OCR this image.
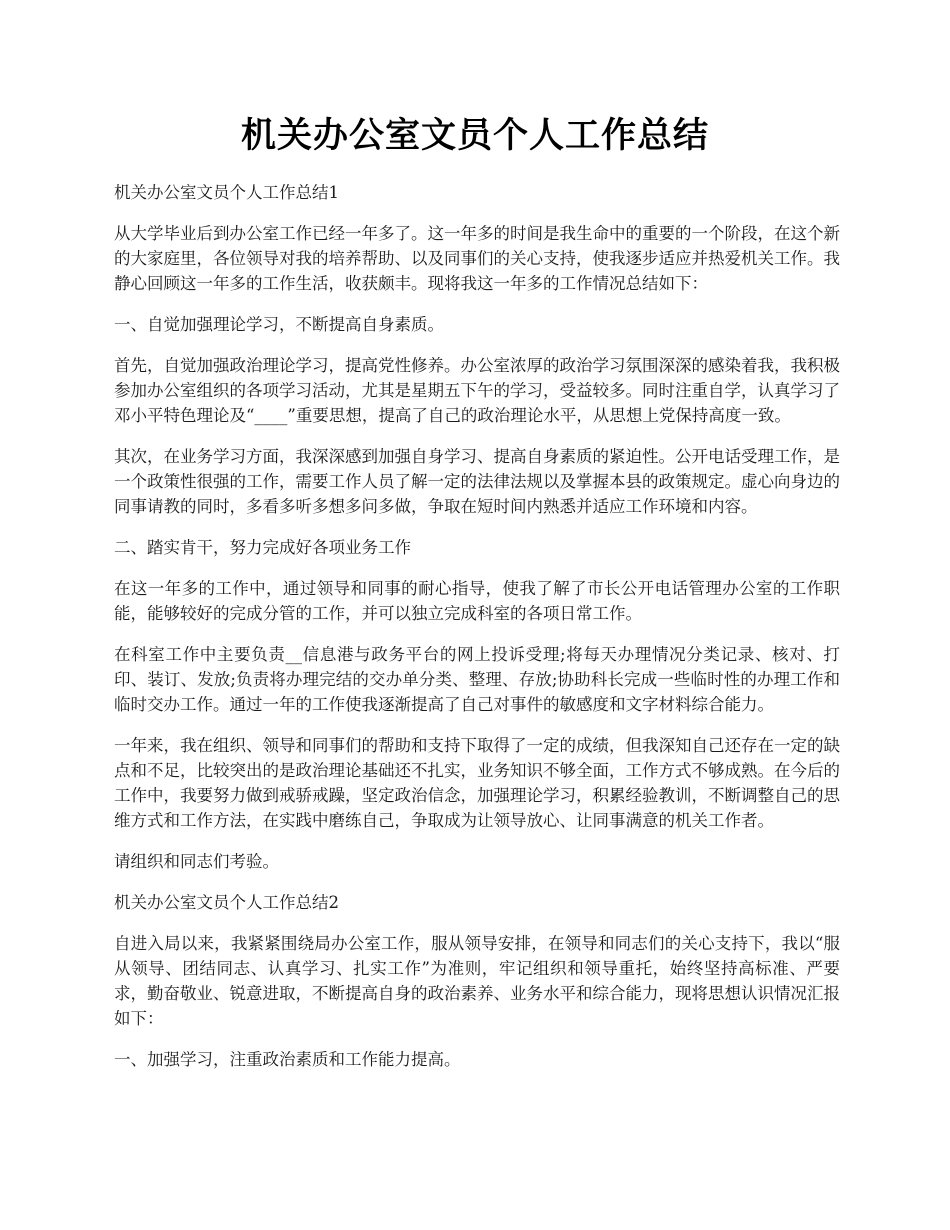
机关办公室文员个人工作总结

机关办公室文员个人工作总结1

从大学毕业后到办公室工作已经一年多了。这一年多的时间是我生命中的重要的一个阶段，在这个新的大家庭里，各位领导对我的培养帮助、以及同事们的关心支持，使我逐步适应并热爱机关工作。我静心回顾这一年多的工作生活，收获颇丰。现将我这一年多的工作情况总结如下：

一、自觉加强理论学习，不断提高自身素质。

首先，自觉加强政治理论学习，提高党性修养。办公室浓厚的政治学习氛围深深的感染着我，我积极参加办公室组织的各项学习活动，尤其是星期五下午的学习，受益较多。同时注重自学，认真学习了邓小平特色理论及“____”重要思想，提高了自己的政治理论水平，从思想上党保持高度一致。

其次，在业务学习方面，我深深感到加强自身学习、提高自身素质的紧迫性。公开电话受理工作，是一个政策性很强的工作，需要工作人员了解一定的法律法规以及掌握本县的政策规定。虚心向身边的同事请教的同时，多看多听多想多问多做，争取在短时间内熟悉并适应工作环境和内容。

二、踏实肯干，努力完成好各项业务工作

在这一年多的工作中，通过领导和同事的耐心指导，使我了解了市长公开电话管理办公室的工作职能，能够较好的完成分管的工作，并可以独立完成科室的各项日常工作。

在科室工作中主要负责__信息港与政务平台的网上投诉受理;将每天办理情况分类记录、核对、打印、装订、发放;负责将办理完结的交办单分类、整理、存放;协助科长完成一些临时性的办理工作和临时交办工作。通过一年的工作使我逐渐提高了自己对事件的敏感度和文字材料综合能力。

一年来，我在组织、领导和同事们的帮助和支持下取得了一定的成绩，但我深知自己还存在一定的缺点和不足，比较突出的是政治理论基础还不扎实，业务知识不够全面，工作方式不够成熟。在今后的工作中，我要努力做到戒骄戒躁，坚定政治信念，加强理论学习，积累经验教训，不断调整自己的思维方式和工作方法，在实践中磨练自己，争取成为让领导放心、让同事满意的机关工作者。

请组织和同志们考验。

机关办公室文员个人工作总结2

自进入局以来，我紧紧围绕局办公室工作，服从领导安排，在领导和同志们的关心支持下，我以“服从领导、团结同志、认真学习、扎实工作”为准则，牢记组织和领导重托，始终坚持高标准、严要求，勤奋敬业、锐意进取，不断提高自身的政治素养、业务水平和综合能力，现将思想认识情况汇报如下：

一、加强学习，注重政治素质和工作能力提高。
